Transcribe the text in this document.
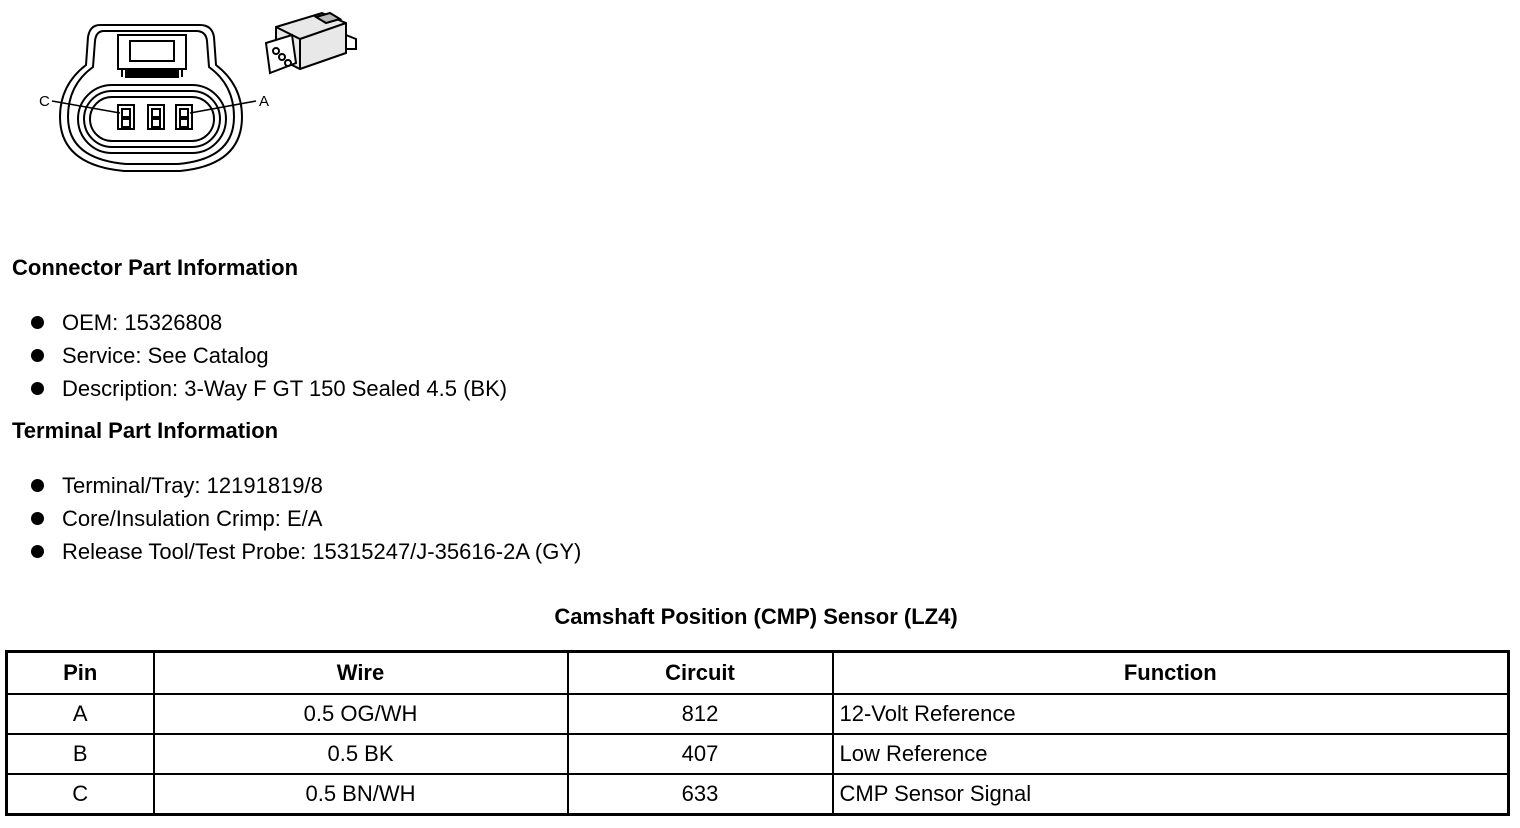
C	A
Connector Part Information
OEM: 15326808
Service: See Catalog
Description: 3-Way F GT 150 Sealed 4.5 (BK)
Terminal Part Information
Terminal/Tray: 12191819/8
Core/Insulation Crimp: E/A
Release Tool/Test Probe: 15315247/J-35616-2A (GY)
Camshaft Position (CMP) Sensor (LZ4)
Pin	Wire	Circuit	Function
A	0.5 OG/WH	812	12-Volt Reference
B	0.5 BK	407	Low Reference
C	0.5 BN/WH	633	CMP Sensor Signal
